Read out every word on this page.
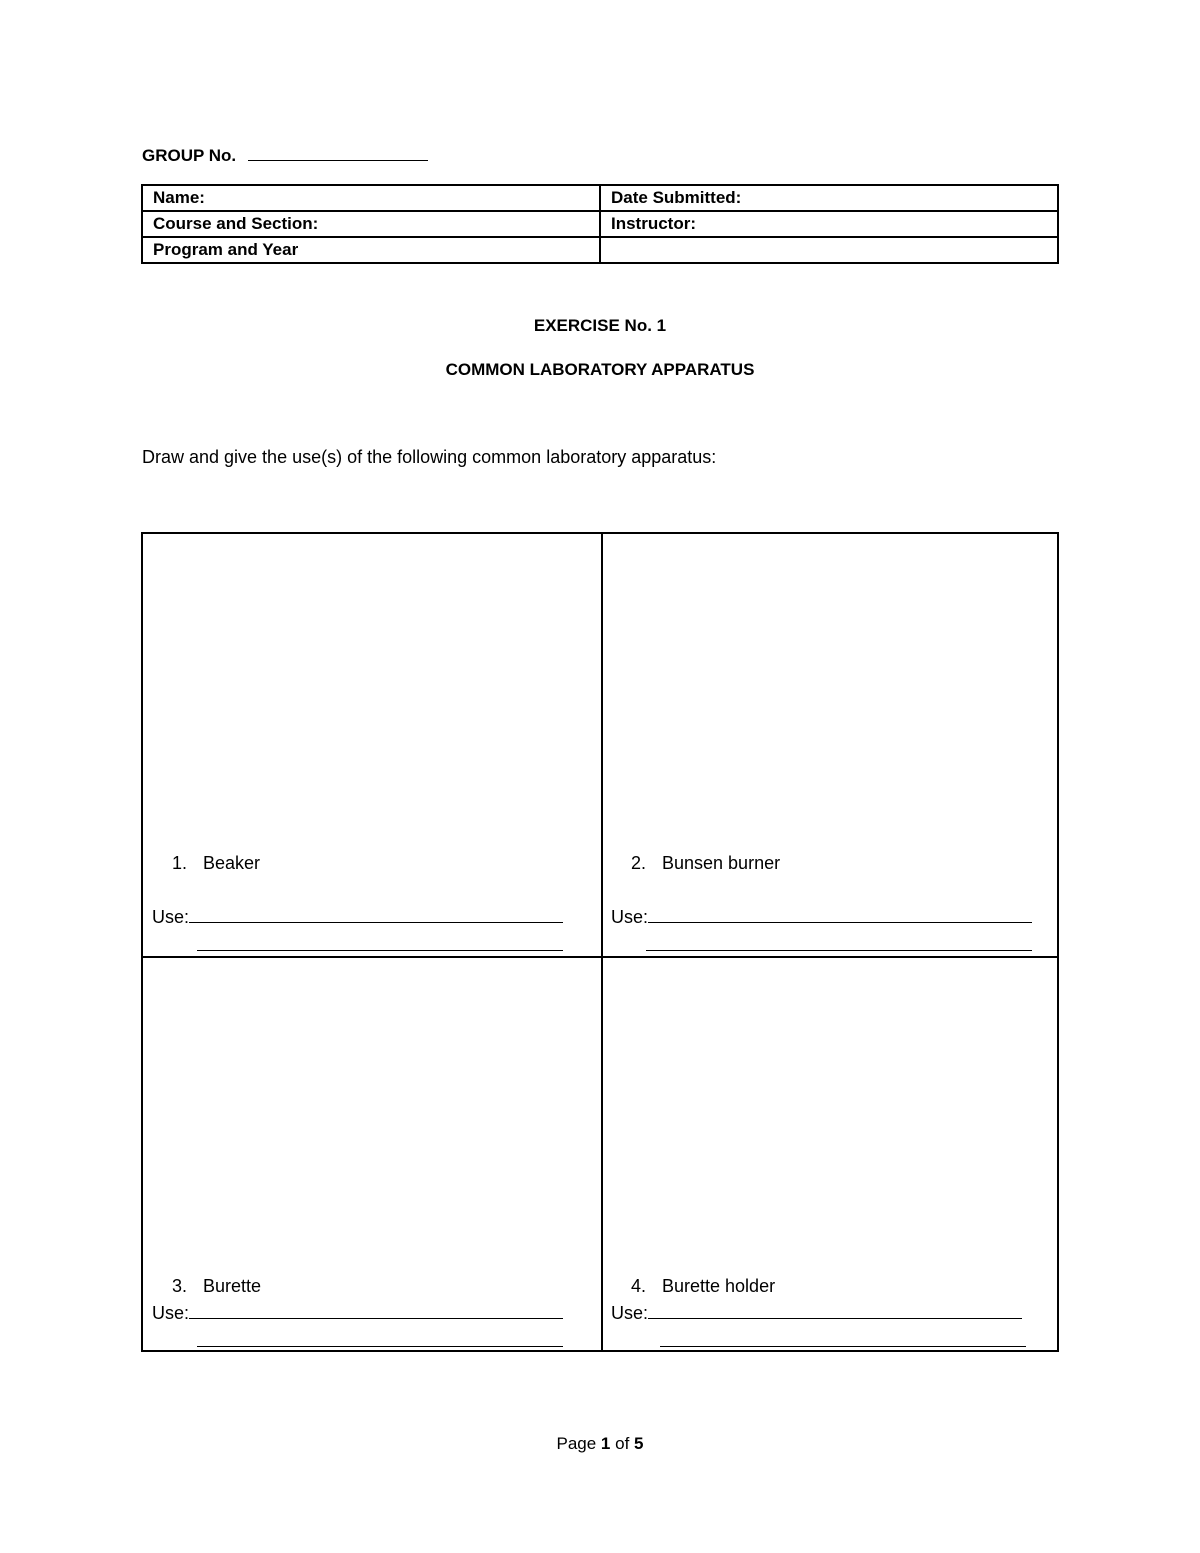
GROUP No.
Name:	Date Submitted:
Course and Section:	Instructor:
Program and Year	
EXERCISE No. 1
COMMON LABORATORY APPARATUS
Draw and give the use(s) of the following common laboratory apparatus:
1. Beaker
Use:
2. Bunsen burner
Use:
3. Burette
Use:
4. Burette holder
Use:
Page 1 of 5
